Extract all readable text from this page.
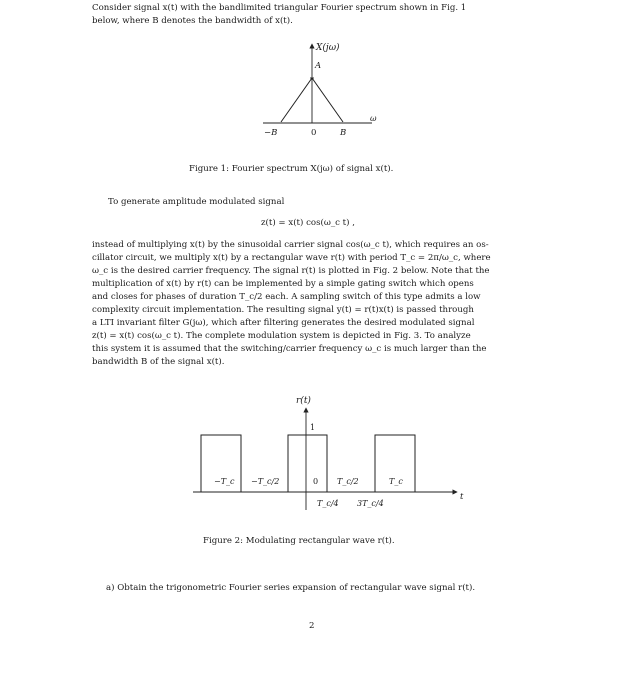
Consider signal x(t) with the bandlimited triangular Fourier spectrum shown in Fig. 1

below, where B denotes the bandwidth of x(t).

X(jω)
A
ω
−B	0	B
Figure 1: Fourier spectrum X(jω) of signal x(t).

To generate amplitude modulated signal

z(t) = x(t) cos(ω_c t) ,

instead of multiplying x(t) by the sinusoidal carrier signal cos(ω_c t), which requires an os-

cillator circuit, we multiply x(t) by a rectangular wave r(t) with period T_c = 2π/ω_c, where

ω_c is the desired carrier frequency. The signal r(t) is plotted in Fig. 2 below. Note that the

multiplication of x(t) by r(t) can be implemented by a simple gating switch which opens

and closes for phases of duration T_c/2 each. A sampling switch of this type admits a low

complexity circuit implementation. The resulting signal y(t) = r(t)x(t) is passed through

a LTI invariant filter G(jω), which after filtering generates the desired modulated signal

z(t) = x(t) cos(ω_c t). The complete modulation system is depicted in Fig. 3. To analyze

this system it is assumed that the switching/carrier frequency ω_c is much larger than the

bandwidth B of the signal x(t).

r(t)
1
t
−T_c −T_c/2	0 T_c/2	T_c
T_c/4 3T_c/4
Figure 2: Modulating rectangular wave r(t).

a) Obtain the trigonometric Fourier series expansion of rectangular wave signal r(t).

2
